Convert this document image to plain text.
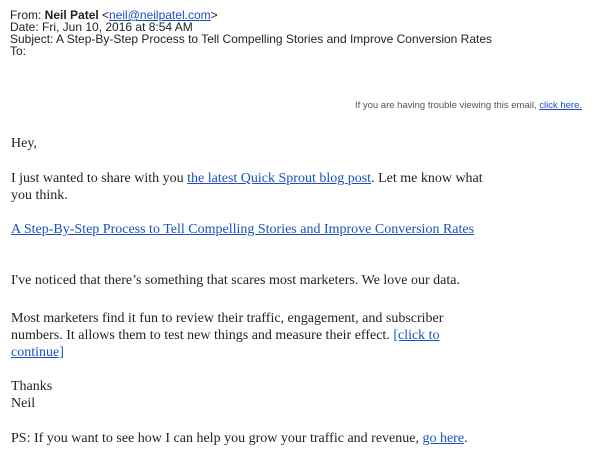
From: Neil Patel <neil@neilpatel.com>
Date: Fri, Jun 10, 2016 at 8:54 AM
Subject: A Step-By-Step Process to Tell Compelling Stories and Improve Conversion Rates
To:
If you are having trouble viewing this email, click here.

Hey,

I just wanted to share with you the latest Quick Sprout blog post. Let me know what you think.

A Step-By-Step Process to Tell Compelling Stories and Improve Conversion Rates

I've noticed that there’s something that scares most marketers. We love our data.

Most marketers find it fun to review their traffic, engagement, and subscriber numbers. It allows them to test new things and measure their effect. [click to continue]

Thanks
Neil

PS: If you want to see how I can help you grow your traffic and revenue, go here.
